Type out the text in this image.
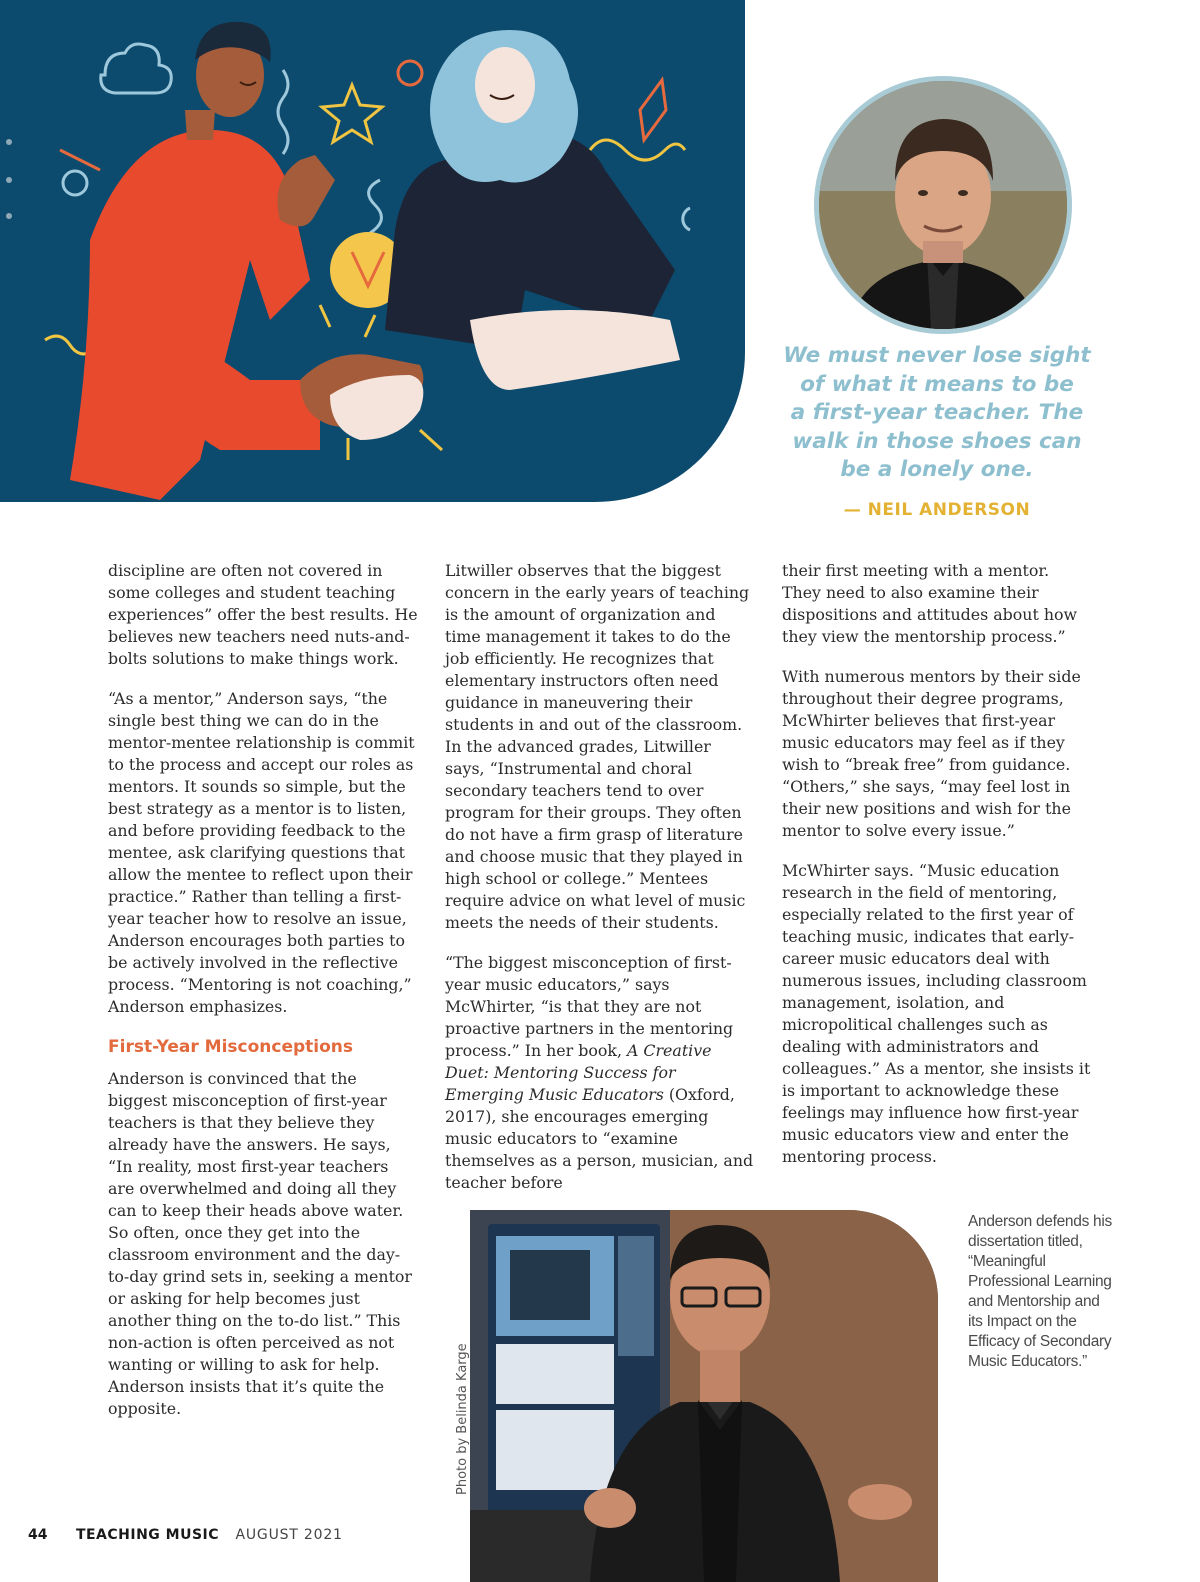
We must never lose sight
of what it means to be
a first-year teacher. The
walk in those shoes can
be a lonely one.
— NEIL ANDERSON

discipline are often not covered in some colleges and student teaching experiences” offer the best results. He believes new teachers need nuts-and-bolts solutions to make things work.

“As a mentor,” Anderson says, “the single best thing we can do in the mentor-mentee relationship is commit to the process and accept our roles as mentors. It sounds so simple, but the best strategy as a mentor is to listen, and before providing feedback to the mentee, ask clarifying questions that allow the mentee to reflect upon their practice.” Rather than telling a first-year teacher how to resolve an issue, Anderson encourages both parties to be actively involved in the reflective process. “Mentoring is not coaching,” Anderson emphasizes.

First-Year Misconceptions

Anderson is convinced that the biggest misconception of first-year teachers is that they believe they already have the answers. He says, “In reality, most first-year teachers are overwhelmed and doing all they can to keep their heads above water. So often, once they get into the classroom environment and the day-to-day grind sets in, seeking a mentor or asking for help becomes just another thing on the to-do list.” This non-action is often perceived as not wanting or willing to ask for help. Anderson insists that it’s quite the opposite.

Litwiller observes that the biggest concern in the early years of teaching is the amount of organization and time management it takes to do the job efficiently. He recognizes that elementary instructors often need guidance in maneuvering their students in and out of the classroom. In the advanced grades, Litwiller says, “Instrumental and choral secondary teachers tend to over program for their groups. They often do not have a firm grasp of literature and choose music that they played in high school or college.” Mentees require advice on what level of music meets the needs of their students.

“The biggest misconception of first-year music educators,” says McWhirter, “is that they are not proactive partners in the mentoring process.” In her book, A Creative Duet: Mentoring Success for Emerging Music Educators (Oxford, 2017), she encourages emerging music educators to “examine themselves as a person, musician, and teacher before

their first meeting with a mentor. They need to also examine their dispositions and attitudes about how they view the mentorship process.”

With numerous mentors by their side throughout their degree programs, McWhirter believes that first-year music educators may feel as if they wish to “break free” from guidance. “Others,” she says, “may feel lost in their new positions and wish for the mentor to solve every issue.”

McWhirter says. “Music education research in the field of mentoring, especially related to the first year of teaching music, indicates that early-career music educators deal with numerous issues, including classroom management, isolation, and micropolitical challenges such as dealing with administrators and colleagues.” As a mentor, she insists it is important to acknowledge these feelings may influence how first-year music educators view and enter the mentoring process.

Photo by Belinda Karge
Anderson defends his dissertation titled, “Meaningful Professional Learning and Mentorship and its Impact on the Efficacy of Secondary Music Educators.”
44 TEACHING MUSIC AUGUST 2021
